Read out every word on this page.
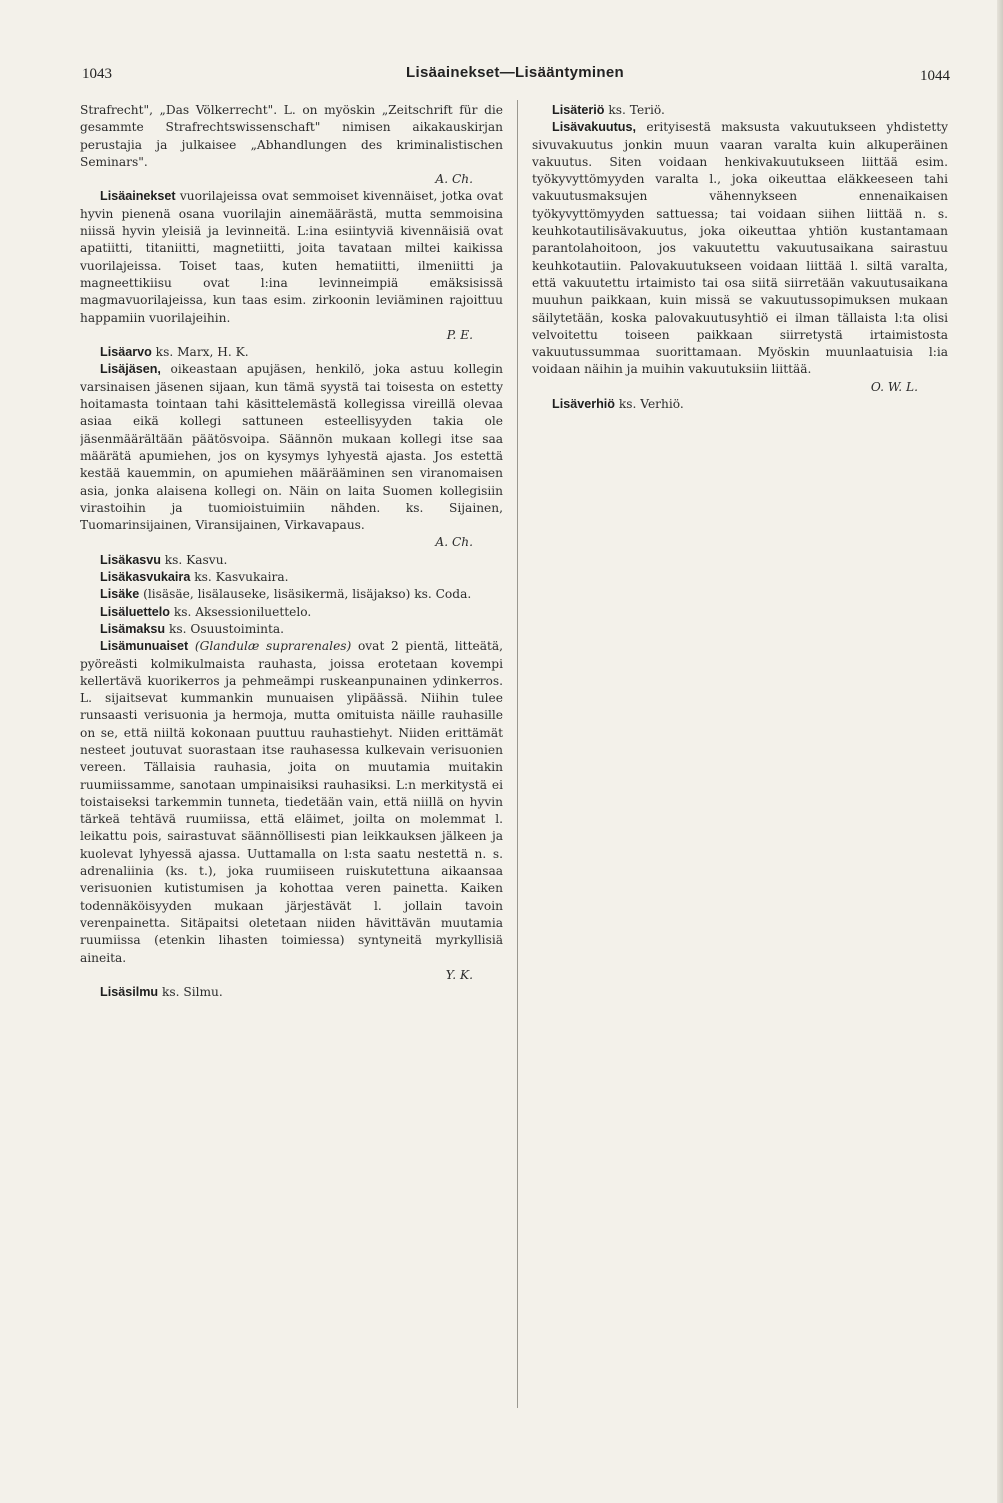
1043	Lisäainekset—Lisääntyminen	1044

Strafrecht", „Das Völkerrecht". L. on myöskin „Zeitschrift für die gesammte Strafrechtswissenschaft" nimisen aikakauskirjan perustajia ja julkaisee „Abhandlungen des kriminalistischen Seminars".
A. Ch.

Lisäainekset vuorilajeissa ovat semmoiset kivennäiset, jotka ovat hyvin pienenä osana vuorilajin ainemäärästä, mutta semmoisina niissä hyvin yleisiä ja levinneitä. L:ina esiintyviä kivennäisiä ovat apatiitti, titaniitti, magnetiitti, joita tavataan miltei kaikissa vuorilajeissa. Toiset taas, kuten hematiitti, ilmeniitti ja magneettikiisu ovat l:ina levinneimpiä emäksisissä magmavuorilajeissa, kun taas esim. zirkoonin leviäminen rajoittuu happamiin vuorilajeihin.
P. E.

Lisäarvo ks. Marx, H. K.

Lisäjäsen, oikeastaan apujäsen, henkilö, joka astuu kollegin varsinaisen jäsenen sijaan, kun tämä syystä tai toisesta on estetty hoitamasta tointaan tahi käsittelemästä kollegissa vireillä olevaa asiaa eikä kollegi sattuneen esteellisyyden takia ole jäsenmäärältään päätösvoipa. Säännön mukaan kollegi itse saa määrätä apumiehen, jos on kysymys lyhyestä ajasta. Jos estettä kestää kauemmin, on apumiehen määrääminen sen viranomaisen asia, jonka alaisena kollegi on. Näin on laita Suomen kollegisiin virastoihin ja tuomioistuimiin nähden. ks. Sijainen, Tuomarinsijainen, Viransijainen, Virkavapaus.
A. Ch.

Lisäkasvu ks. Kasvu.

Lisäkasvukaira ks. Kasvukaira.

Lisäke (lisäsäe, lisälauseke, lisäsikermä, lisäjakso) ks. Coda.

Lisäluettelo ks. Aksessioniluettelo.

Lisämaksu ks. Osuustoiminta.

Lisämunuaiset (Glandulæ suprarenales) ovat 2 pientä, litteätä, pyöreästi kolmikulmaista rauhasta, joissa erotetaan kovempi kellertävä kuorikerros ja pehmeämpi ruskeanpunainen ydinkerros. L. sijaitsevat kummankin munuaisen ylipäässä. Niihin tulee runsaasti verisuonia ja hermoja, mutta omituista näille rauhasille on se, että niiltä kokonaan puuttuu rauhastiehyt. Niiden erittämät nesteet joutuvat suorastaan itse rauhasessa kulkevain verisuonien vereen. Tällaisia rauhasia, joita on muutamia muitakin ruumiissamme, sanotaan umpinaisiksi rauhasiksi. L:n merkitystä ei toistaiseksi tarkemmin tunneta, tiedetään vain, että niillä on hyvin tärkeä tehtävä ruumiissa, että eläimet, joilta on molemmat l. leikattu pois, sairastuvat säännöllisesti pian leikkauksen jälkeen ja kuolevat lyhyessä ajassa. Uuttamalla on l:sta saatu nestettä n. s. adrenaliinia (ks. t.), joka ruumiiseen ruiskutettuna aikaansaa verisuonien kutistumisen ja kohottaa veren painetta. Kaiken todennäköisyyden mukaan järjestävät l. jollain tavoin verenpainetta. Sitäpaitsi oletetaan niiden hävittävän muutamia ruumiissa (etenkin lihasten toimiessa) syntyneitä myrkyllisiä aineita.
Y. K.

Lisäsilmu ks. Silmu.

Lisäteriö ks. Teriö.

Lisävakuutus, erityisestä maksusta vakuutukseen yhdistetty sivuvakuutus jonkin muun vaaran varalta kuin alkuperäinen vakuutus. Siten voidaan henkivakuutukseen liittää esim. työkyvyttömyyden varalta l., joka oikeuttaa eläkkeeseen tahi vakuutusmaksujen vähennykseen ennenaikaisen työkyvyttömyyden sattuessa; tai voidaan siihen liittää n. s. keuhkotautilisävakuutus, joka oikeuttaa yhtiön kustantamaan parantolahoitoon, jos vakuutettu vakuutusaikana sairastuu keuhkotautiin. Palovakuutukseen voidaan liittää l. siltä varalta, että vakuutettu irtaimisto tai osa siitä siirretään vakuutusaikana muuhun paikkaan, kuin missä se vakuutussopimuksen mukaan säilytetään, koska palovakuutusyhtiö ei ilman tällaista l:ta olisi velvoitettu toiseen paikkaan siirretystä irtaimistosta vakuutussummaa suorittamaan. Myöskin muunlaatuisia l:ia voidaan näihin ja muihin vakuutuksiin liittää.
O. W. L.

Lisäverhiö ks. Verhiö.
